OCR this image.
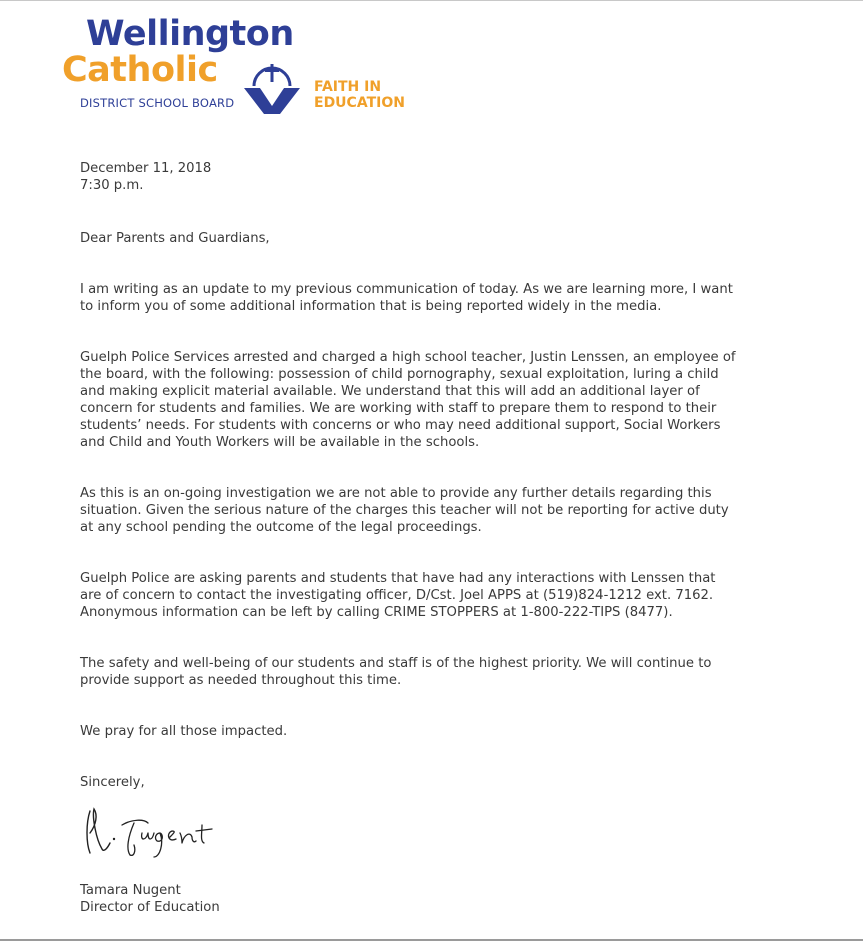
Wellington
Catholic
DISTRICT SCHOOL BOARD
FAITH IN
EDUCATION

December 11, 2018

7:30 p.m.

Dear Parents and Guardians,

I am writing as an update to my previous communication of today. As we are learning more, I want to inform you of some additional information that is being reported widely in the media.

Guelph Police Services arrested and charged a high school teacher, Justin Lenssen, an employee of the board, with the following: possession of child pornography, sexual exploitation, luring a child and making explicit material available. We understand that this will add an additional layer of concern for students and families. We are working with staff to prepare them to respond to their students’ needs. For students with concerns or who may need additional support, Social Workers and Child and Youth Workers will be available in the schools.

As this is an on-going investigation we are not able to provide any further details regarding this situation. Given the serious nature of the charges this teacher will not be reporting for active duty at any school pending the outcome of the legal proceedings.

Guelph Police are asking parents and students that have had any interactions with Lenssen that are of concern to contact the investigating officer, D/Cst. Joel APPS at (519)824-1212 ext. 7162. Anonymous information can be left by calling CRIME STOPPERS at 1-800-222-TIPS (8477).

The safety and well-being of our students and staff is of the highest priority. We will continue to provide support as needed throughout this time.

We pray for all those impacted.

Sincerely,

Tamara Nugent
Director of Education
